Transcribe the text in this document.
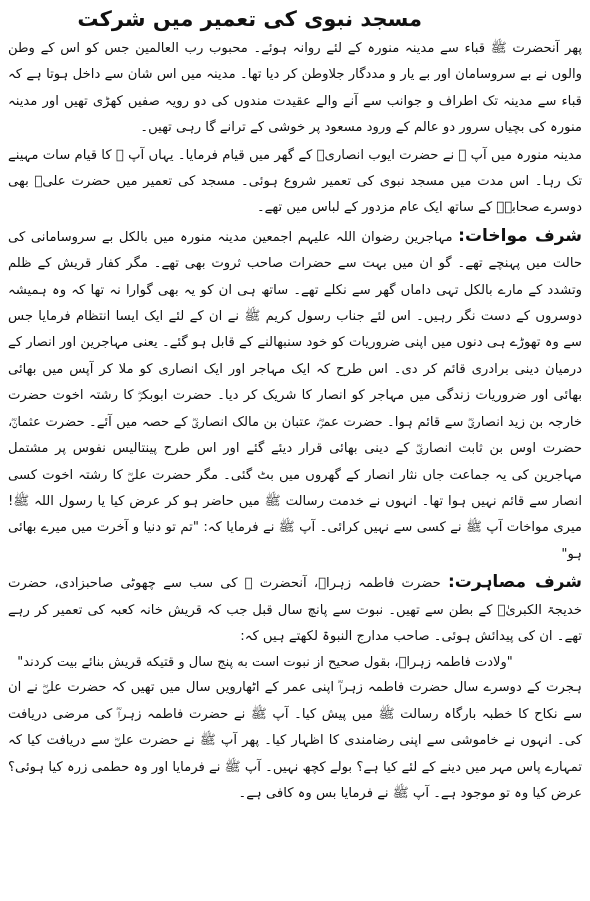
مسجد نبوی کی تعمیر میں شرکت

پھر آنحضرت ﷺ قباء سے مدینہ منورہ کے لئے روانہ ہوئے۔ محبوب رب العالمین جس کو اس کے وطن والوں نے بے سروسامان اور بے یار و مددگار جلاوطن کر دیا تھا۔ مدینہ میں اس شان سے داخل ہوتا ہے کہ قباء سے مدینہ تک اطراف و جوانب سے آنے والے عقیدت مندوں کی دو رویہ صفیں کھڑی تھیں اور مدینہ منورہ کی بچیاں سرور دو عالم کے ورود مسعود پر خوشی کے ترانے گا رہی تھیں۔

مدینہ منورہ میں آپ ﷺ نے حضرت ایوب انصاریؓ کے گھر میں قیام فرمایا۔ یہاں آپ ﷺ کا قیام سات مہینے تک رہا۔ اس مدت میں مسجد نبوی کی تعمیر شروع ہوئی۔ مسجد کی تعمیر میں حضرت علیؓ بھی دوسرے صحابہؓ کے ساتھ ایک عام مزدور کے لباس میں تھے۔

شرف مواخات: مہاجرین رضوان اللہ علیہم اجمعین مدینہ منورہ میں بالکل بے سروسامانی کی حالت میں پہنچے تھے۔ گو ان میں بہت سے حضرات صاحب ثروت بھی تھے۔ مگر کفار قریش کے ظلم وتشدد کے مارے بالکل تہی داماں گھر سے نکلے تھے۔ ساتھ ہی ان کو یہ بھی گوارا نہ تھا کہ وہ ہمیشہ دوسروں کے دست نگر رہیں۔ اس لئے جناب رسول کریم ﷺ نے ان کے لئے ایک ایسا انتظام فرمایا جس سے وہ تھوڑے ہی دنوں میں اپنی ضروریات کو خود سنبھالنے کے قابل ہو گئے۔ یعنی مہاجرین اور انصار کے درمیان دینی برادری قائم کر دی۔ اس طرح کہ ایک مہاجر اور ایک انصاری کو ملا کر آپس میں بھائی بھائی اور ضروریات زندگی میں مہاجر کو انصار کا شریک کر دیا۔ حضرت ابوبکرؓ کا رشتہ اخوت حضرت خارجہ بن زید انصاریؓ سے قائم ہوا۔ حضرت عمرؓ، عتبان بن مالک انصاریؓ کے حصہ میں آئے۔ حضرت عثمانؓ، حضرت اوس بن ثابت انصاریؓ کے دینی بھائی قرار دیئے گئے اور اس طرح پینتالیس نفوس پر مشتمل مہاجرین کی یہ جماعت جاں نثار انصار کے گھروں میں بٹ گئی۔ مگر حضرت علیؓ کا رشتہ اخوت کسی انصار سے قائم نہیں ہوا تھا۔ انہوں نے خدمت رسالت ﷺ میں حاضر ہو کر عرض کیا یا رسول اللہ ﷺ! میری مواخات آپ ﷺ نے کسی سے نہیں کرائی۔ آپ ﷺ نے فرمایا کہ: "تم تو دنیا و آخرت میں میرے بھائی ہو"

شرف مصاہرت: حضرت فاطمہ زہراؓ، آنحضرت ﷺ کی سب سے چھوٹی صاحبزادی، حضرت خدیجۃ الکبریٰؓ کے بطن سے تھیں۔ نبوت سے پانچ سال قبل جب کہ قریش خانہ کعبہ کی تعمیر کر رہے تھے۔ ان کی پیدائش ہوئی۔ صاحب مدارج النبوۃ لکھتے ہیں کہ:

"ولادت فاطمہ زہراؓ، بقول صحیح از نبوت است به پنج سال و قتیکه قریش بنائے بیت کردند"

ہجرت کے دوسرے سال حضرت فاطمہ زہراؓ اپنی عمر کے اٹھارویں سال میں تھیں کہ حضرت علیؓ نے ان سے نکاح کا خطبہ بارگاہ رسالت ﷺ میں پیش کیا۔ آپ ﷺ نے حضرت فاطمہ زہراؓ کی مرضی دریافت کی۔ انہوں نے خاموشی سے اپنی رضامندی کا اظہار کیا۔ پھر آپ ﷺ نے حضرت علیؓ سے دریافت کیا کہ تمہارے پاس مہر میں دینے کے لئے کیا ہے؟ بولے کچھ نہیں۔ آپ ﷺ نے فرمایا اور وہ حطمی زرہ کیا ہوئی؟ عرض کیا وہ تو موجود ہے۔ آپ ﷺ نے فرمایا بس وہ کافی ہے۔
